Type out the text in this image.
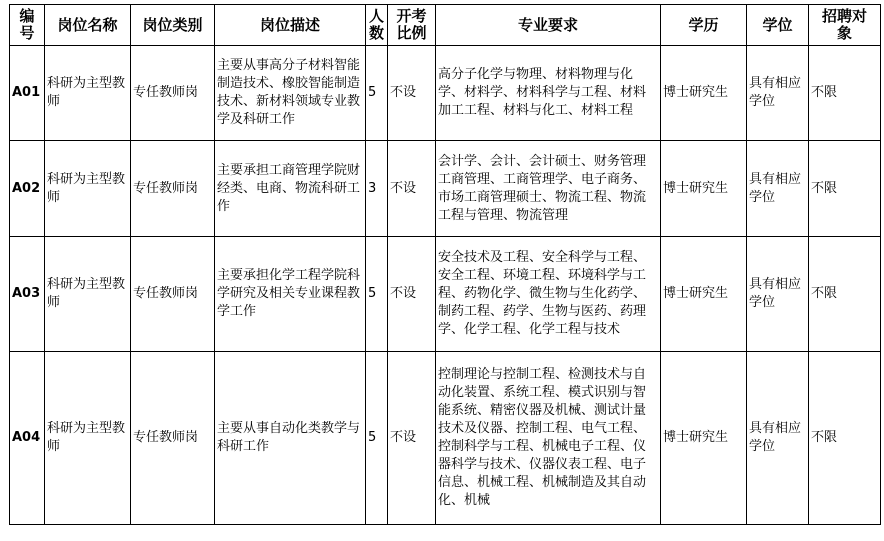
编号	岗位名称	岗位类别	岗位描述	人数	开考比例	专业要求	学历	学位	招聘对象
A01	科研为主型教师	专任教师岗	主要从事高分子材料智能制造技术、橡胶智能制造技术、新材料领域专业教学及科研工作	5	不设	高分子化学与物理、材料物理与化学、材料学、材料科学与工程、材料加工工程、材料与化工、材料工程	博士研究生	具有相应学位	不限
A02	科研为主型教师	专任教师岗	主要承担工商管理学院财经类、电商、物流科研工作	3	不设	会计学、会计、会计硕士、财务管理工商管理、工商管理学、电子商务、市场工商管理硕士、物流工程、物流工程与管理、物流管理	博士研究生	具有相应学位	不限
A03	科研为主型教师	专任教师岗	主要承担化学工程学院科学研究及相关专业课程教学工作	5	不设	安全技术及工程、安全科学与工程、安全工程、环境工程、环境科学与工程、药物化学、微生物与生化药学、制药工程、药学、生物与医药、药理学、化学工程、化学工程与技术	博士研究生	具有相应学位	不限
A04	科研为主型教师	专任教师岗	主要从事自动化类教学与科研工作	5	不设	控制理论与控制工程、检测技术与自动化装置、系统工程、模式识别与智能系统、精密仪器及机械、测试计量技术及仪器、控制工程、电气工程、控制科学与工程、机械电子工程、仪器科学与技术、仪器仪表工程、电子信息、机械工程、机械制造及其自动化、机械	博士研究生	具有相应学位	不限
